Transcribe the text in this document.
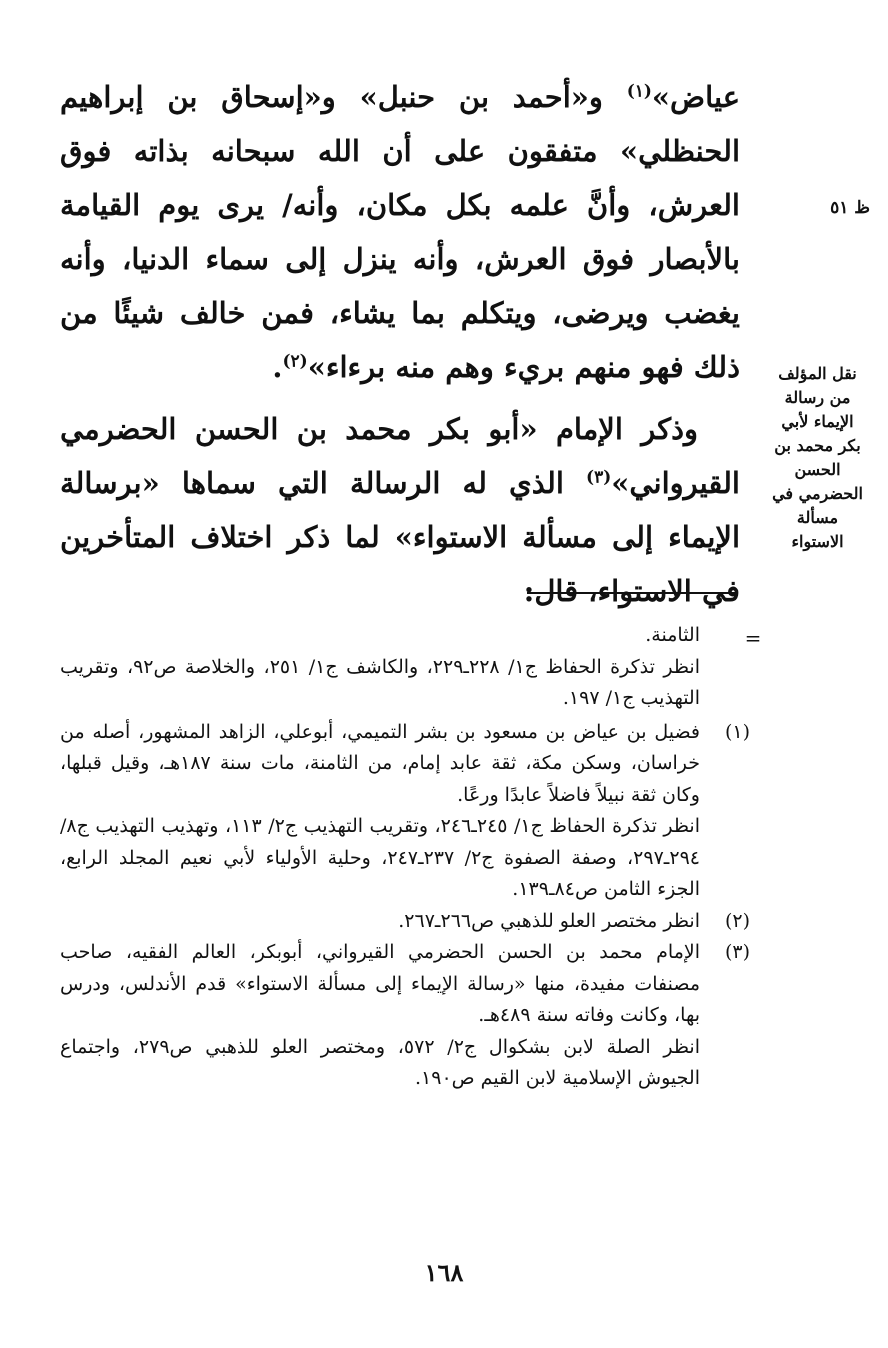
عياض»$^{(١)}$ و«أحمد بن حنبل» و«إسحاق بن إبراهيم الحنظلي» متفقون على أن الله سبحانه بذاته فوق العرش، وأنَّ علمه بكل مكان، وأنه/ يرى يوم القيامة بالأبصار فوق العرش، وأنه ينزل إلى سماء الدنيا، وأنه يغضب ويرضى، ويتكلم بما يشاء، فمن خالف شيئًا من ذلك فهو منهم بريء وهم منه برءاء»$^{(٢)}$.

وذكر الإمام «أبو بكر محمد بن الحسن الحضرمي القيرواني»$^{(٣)}$ الذي له الرسالة التي سماها «برسالة الإيماء إلى مسألة الاستواء» لما ذكر اختلاف المتأخرين في الاستواء، قال:

ظ ٥١
نقل المؤلف
من رسالة
الإيماء لأبي
بكر محمد بن
الحسن
الحضرمي في
مسألة
الاستواء
=

الثامنة.

انظر تذكرة الحفاظ ج١/ ٢٢٨ـ٢٢٩، والكاشف ج١/ ٢٥١، والخلاصة ص٩٢، وتقريب التهذيب ج١/ ١٩٧.

(١)

فضيل بن عياض بن مسعود بن بشر التميمي، أبوعلي، الزاهد المشهور، أصله من خراسان، وسكن مكة، ثقة عابد إمام، من الثامنة، مات سنة ١٨٧هـ، وقيل قبلها، وكان ثقة نبيلاً فاضلاً عابدًا ورعًا.

انظر تذكرة الحفاظ ج١/ ٢٤٥ـ٢٤٦، وتقريب التهذيب ج٢/ ١١٣، وتهذيب التهذيب ج٨/ ٢٩٤ـ٢٩٧، وصفة الصفوة ج٢/ ٢٣٧ـ٢٤٧، وحلية الأولياء لأبي نعيم المجلد الرابع، الجزء الثامن ص٨٤ـ١٣٩.

(٢)

انظر مختصر العلو للذهبي ص٢٦٦ـ٢٦٧.

(٣)

الإمام محمد بن الحسن الحضرمي القيرواني، أبوبكر، العالم الفقيه، صاحب مصنفات مفيدة، منها «رسالة الإيماء إلى مسألة الاستواء» قدم الأندلس، ودرس بها، وكانت وفاته سنة ٤٨٩هـ.

انظر الصلة لابن بشكوال ج٢/ ٥٧٢، ومختصر العلو للذهبي ص٢٧٩، واجتماع الجيوش الإسلامية لابن القيم ص١٩٠.

١٦٨
